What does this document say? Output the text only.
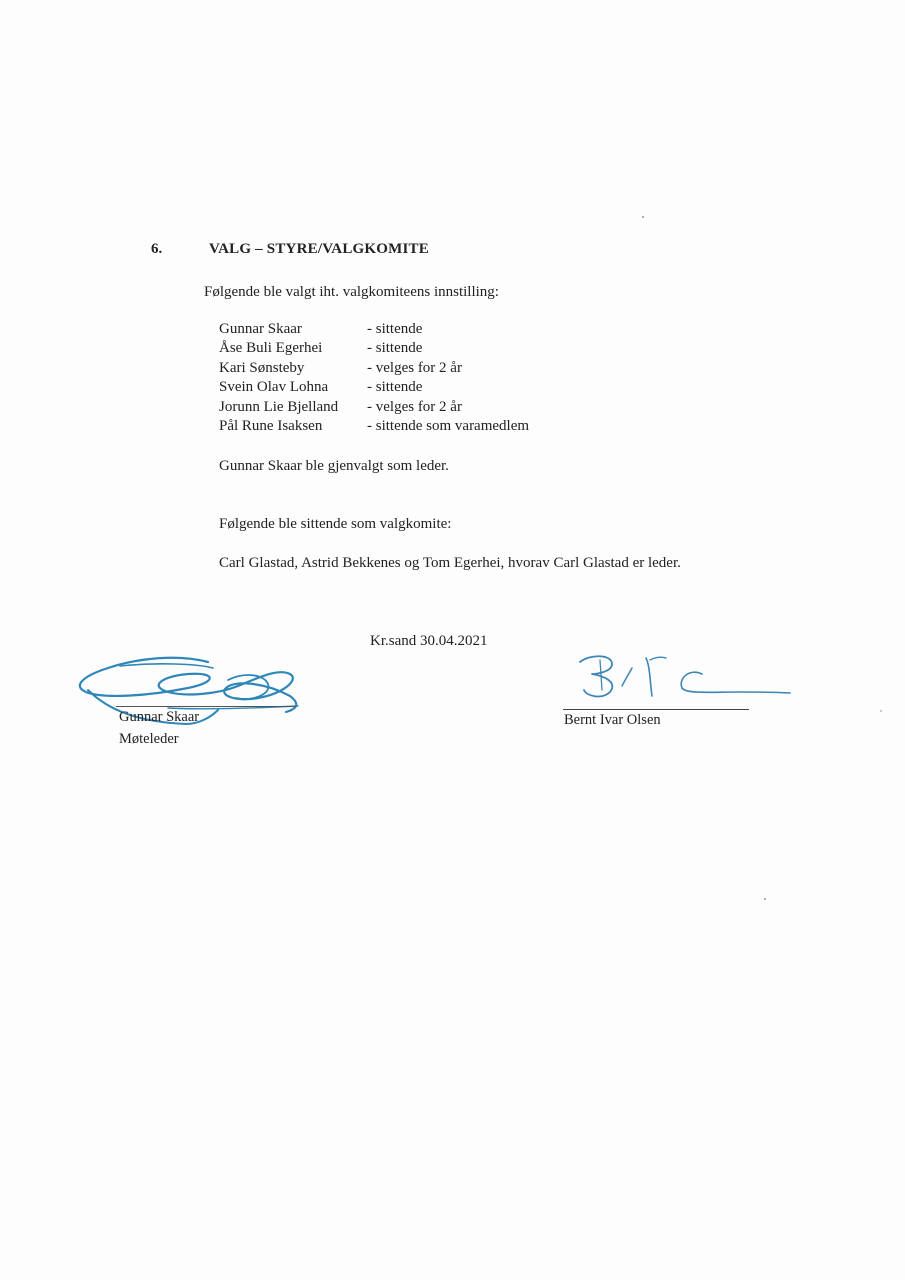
6.	VALG – STYRE/VALGKOMITE
Følgende ble valgt iht. valgkomiteens innstilling:
Gunnar Skaar	- sittende
Åse Buli Egerhei	- sittende
Kari Sønsteby	- velges for 2 år
Svein Olav Lohna	- sittende
Jorunn Lie Bjelland	- velges for 2 år
Pål Rune Isaksen	- sittende som varamedlem
Gunnar Skaar ble gjenvalgt som leder.
Følgende ble sittende som valgkomite:
Carl Glastad, Astrid Bekkenes og Tom Egerhei, hvorav Carl Glastad er leder.
Kr.sand 30.04.2021
Gunnar Skaar
Møteleder
Bernt Ivar Olsen
